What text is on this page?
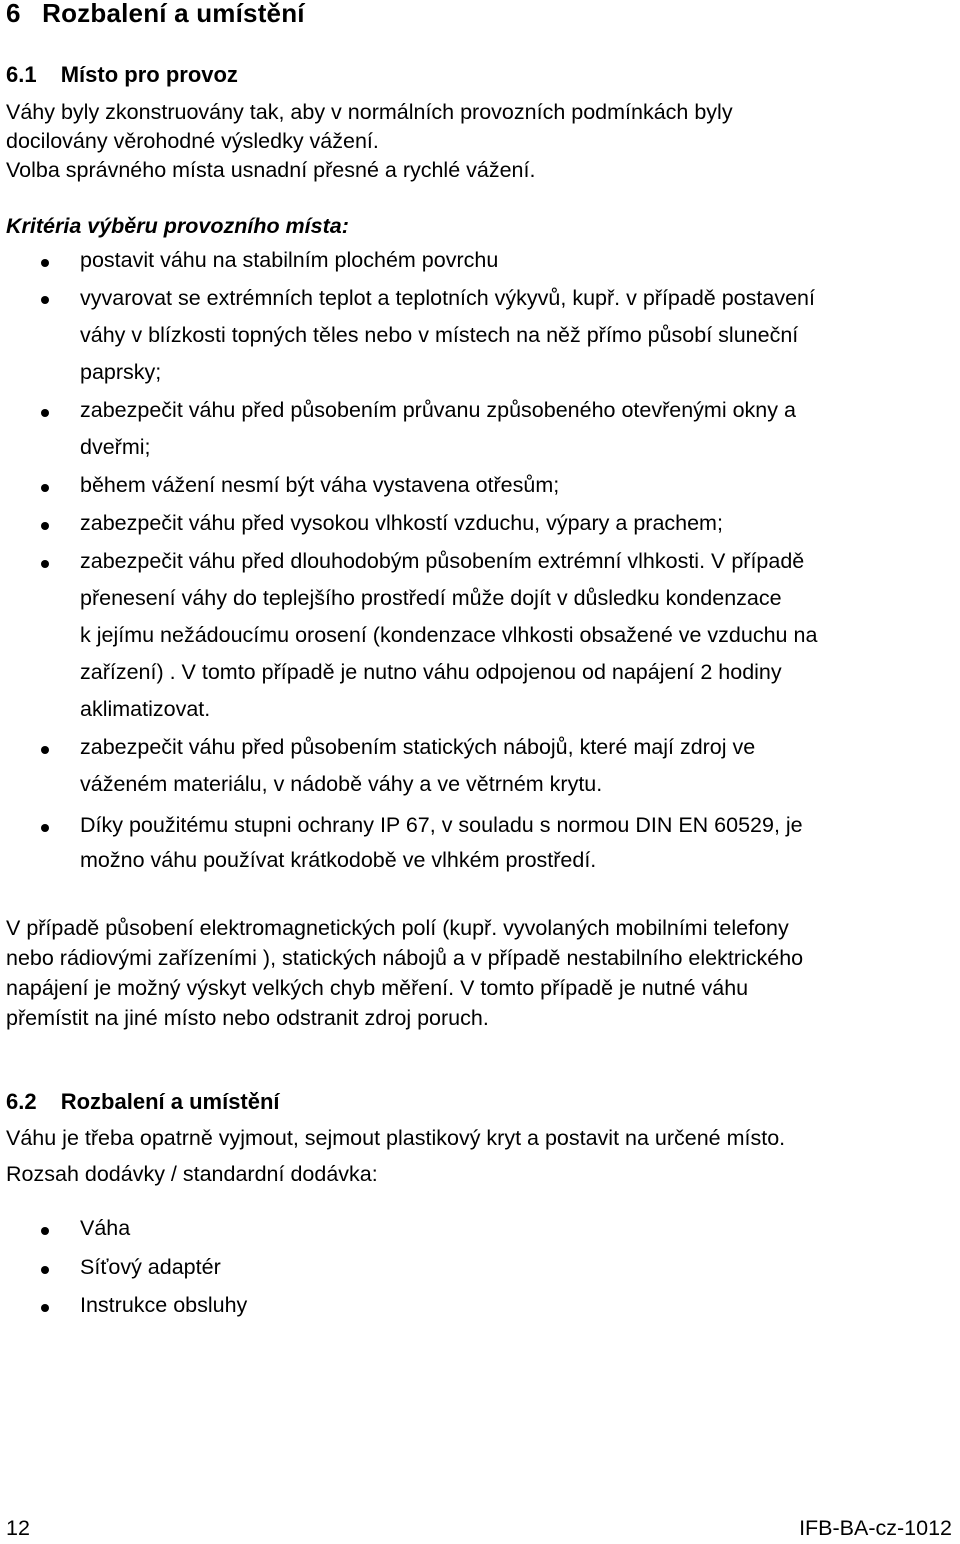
6 Rozbalení a umístění
6.1 Místo pro provoz
Váhy byly zkonstruovány tak, aby v normálních provozních podmínkách byly
docilovány věrohodné výsledky vážení.
Volba správného místa usnadní přesné a rychlé vážení.
Kritéria výběru provozního místa:
postavit váhu na stabilním plochém povrchu
vyvarovat se extrémních teplot a teplotních výkyvů, kupř. v případě postavení
váhy v blízkosti topných těles nebo v místech na něž přímo působí sluneční
paprsky;
zabezpečit váhu před působením průvanu způsobeného otevřenými okny a
dveřmi;
během vážení nesmí být váha vystavena otřesům;
zabezpečit váhu před vysokou vlhkostí vzduchu, výpary a prachem;
zabezpečit váhu před dlouhodobým působením extrémní vlhkosti. V případě
přenesení váhy do teplejšího prostředí může dojít v důsledku kondenzace
k jejímu nežádoucímu orosení (kondenzace vlhkosti obsažené ve vzduchu na
zařízení) . V tomto případě je nutno váhu odpojenou od napájení 2 hodiny
aklimatizovat.
zabezpečit váhu před působením statických nábojů, které mají zdroj ve
váženém materiálu, v nádobě váhy a ve větrném krytu.
Díky použitému stupni ochrany IP 67, v souladu s normou DIN EN 60529, je
možno váhu používat krátkodobě ve vlhkém prostředí.
V případě působení elektromagnetických polí (kupř. vyvolaných mobilními telefony
nebo rádiovými zařízeními ), statických nábojů a v případě nestabilního elektrického
napájení je možný výskyt velkých chyb měření. V tomto případě je nutné váhu
přemístit na jiné místo nebo odstranit zdroj poruch.
6.2 Rozbalení a umístění
Váhu je třeba opatrně vyjmout, sejmout plastikový kryt a postavit na určené místo.
Rozsah dodávky / standardní dodávka:
Váha
Síťový adaptér
Instrukce obsluhy
12	IFB-BA-cz-1012
